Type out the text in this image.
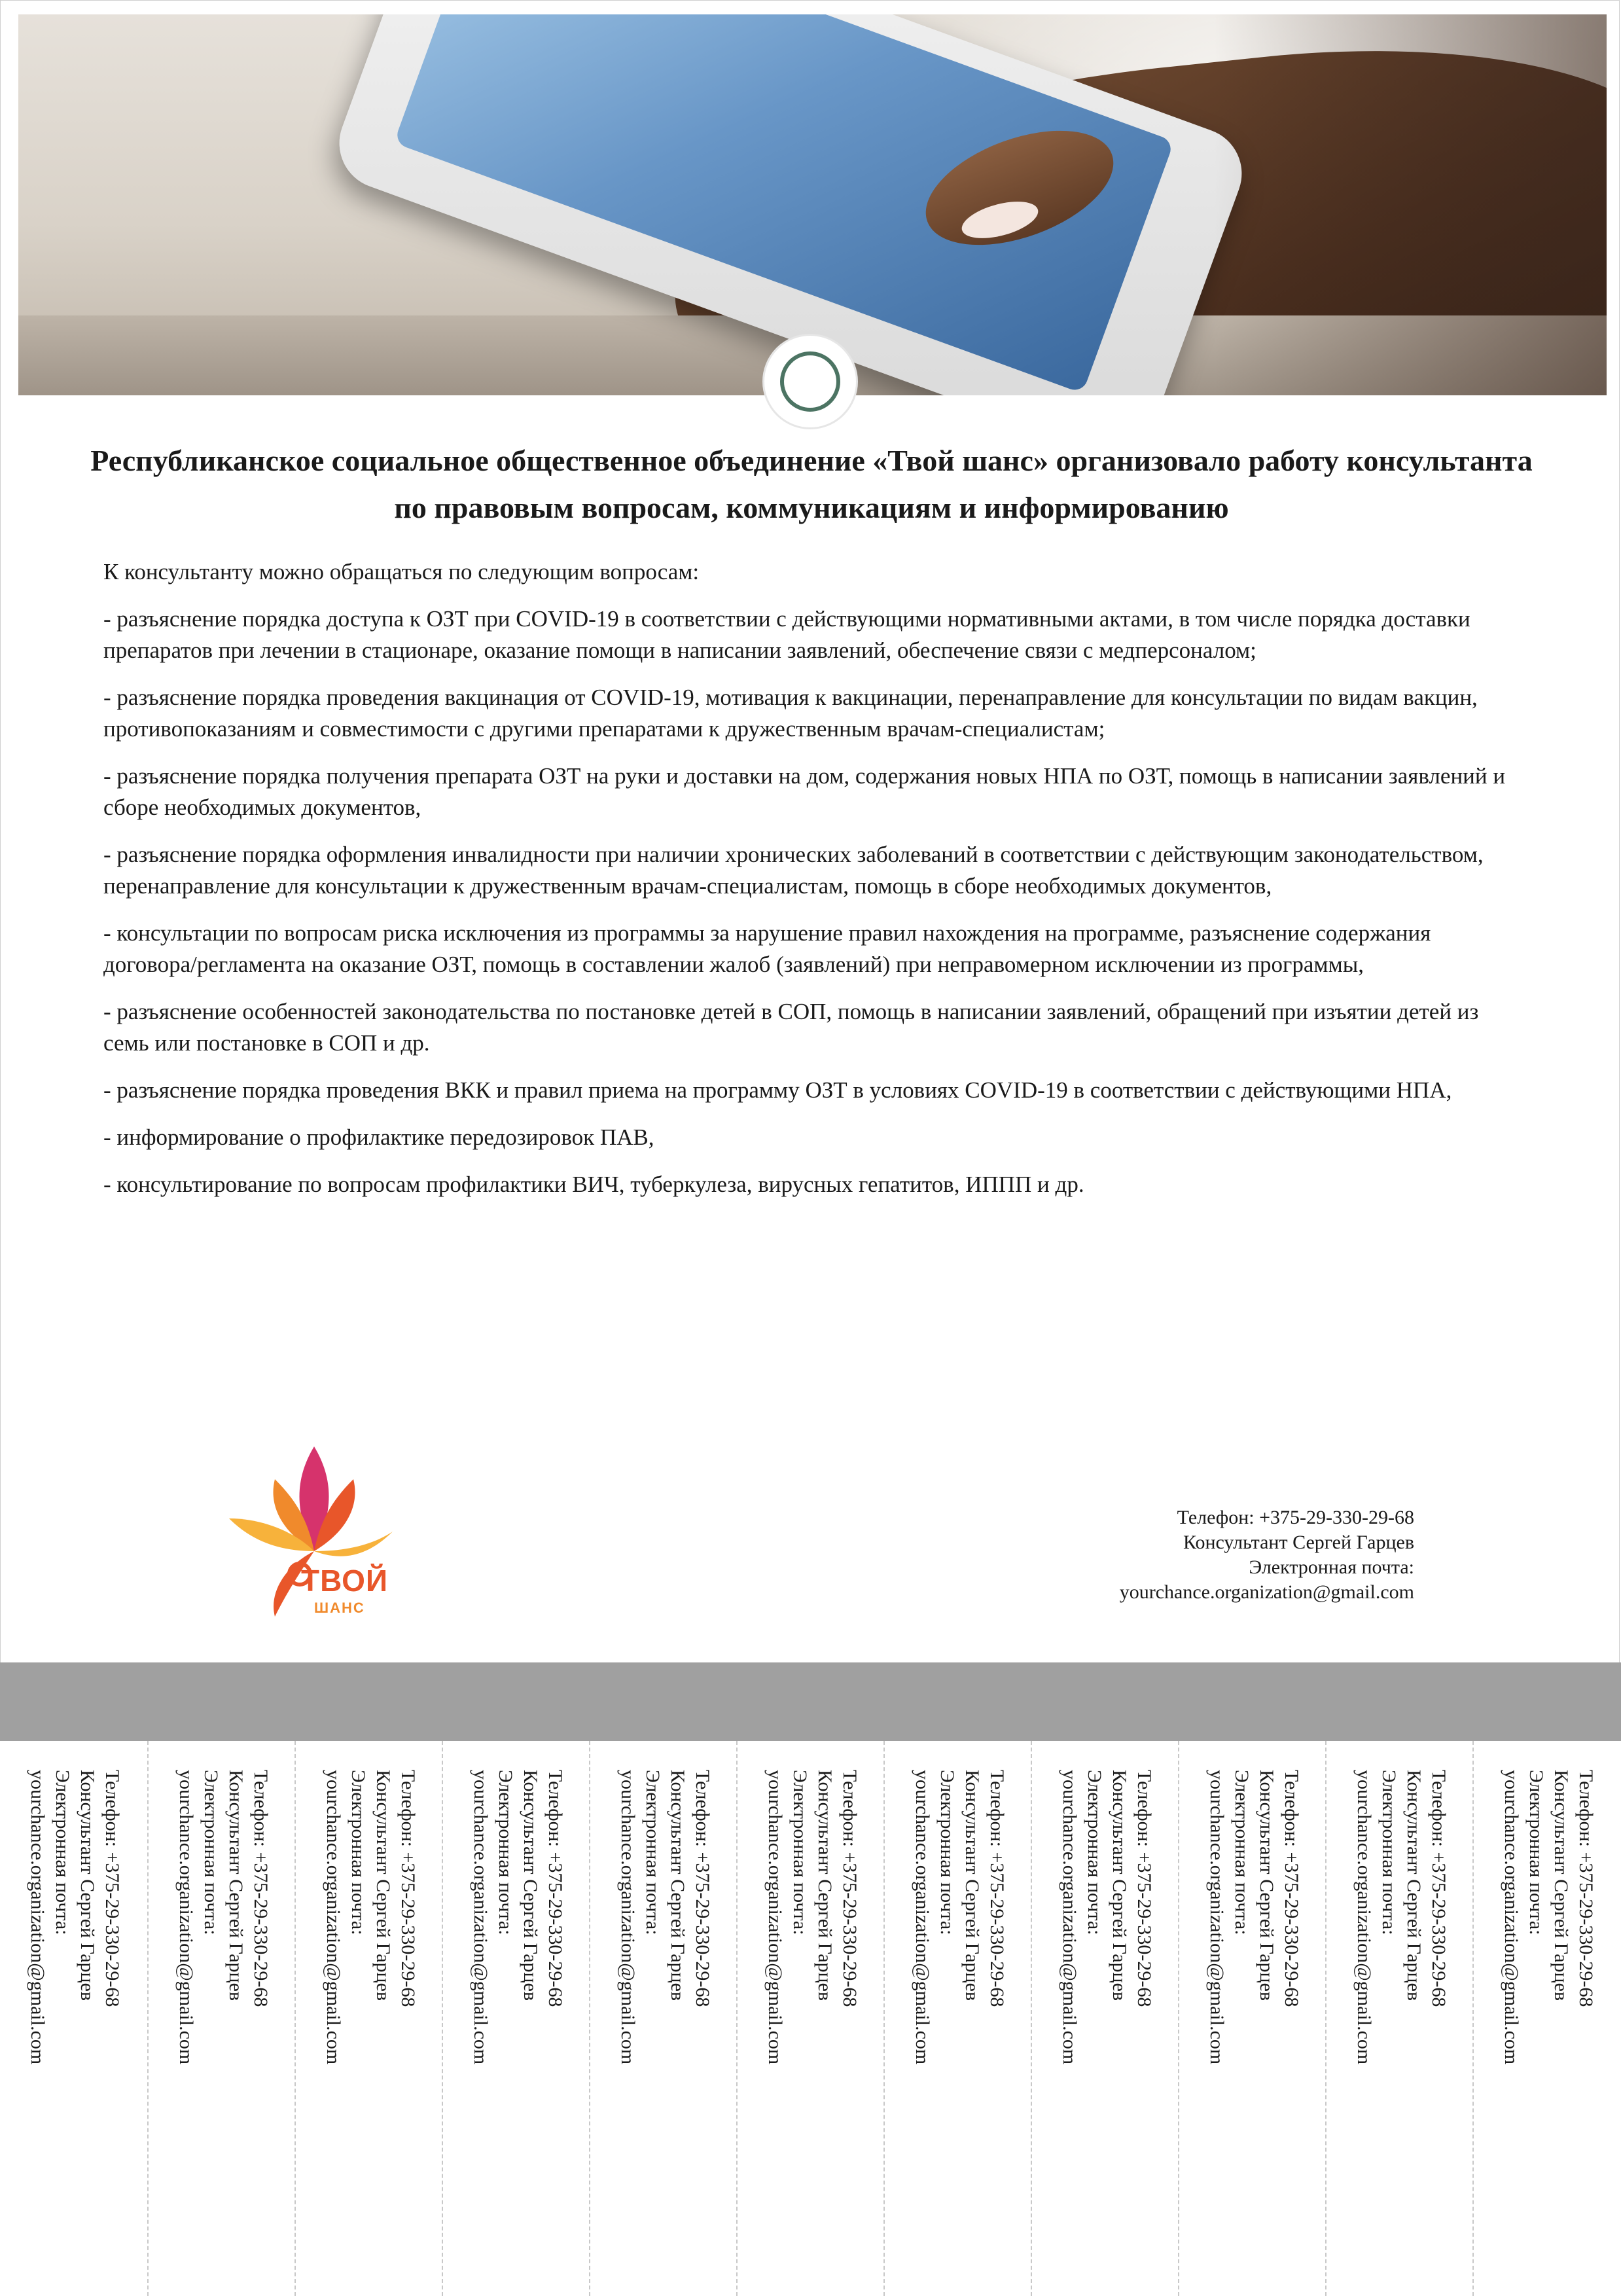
Республиканское социальное общественное объединение «Твой шанс» организовало работу консультанта по правовым вопросам, коммуникациям и информированию

К консультанту можно обращаться по следующим вопросам:

- разъяснение порядка доступа к ОЗТ при COVID-19 в соответствии с действующими нормативными актами, в том числе порядка доставки препаратов при лечении в стационаре, оказание помощи в написании заявлений, обеспечение связи с медперсоналом;
- разъяснение порядка проведения вакцинация от COVID-19, мотивация к вакцинации, перенаправление для консультации по видам вакцин, противопоказаниям и совместимости с другими препаратами к дружественным врачам-специалистам;
- разъяснение порядка получения препарата ОЗТ на руки и доставки на дом, содержания новых НПА по ОЗТ, помощь в написании заявлений и сборе необходимых документов,
- разъяснение порядка оформления инвалидности при наличии хронических заболеваний в соответствии с действующим законодательством, перенаправление для консультации к дружественным врачам-специалистам, помощь в сборе необходимых документов,
- консультации по вопросам риска исключения из программы за нарушение правил нахождения на программе, разъяснение содержания договора/регламента на оказание ОЗТ, помощь в составлении жалоб (заявлений) при неправомерном исключении из программы,
- разъяснение особенностей законодательства по постановке детей в СОП, помощь в написании заявлений, обращений при изъятии детей из семь или постановке в СОП и др.
- разъяснение порядка проведения ВКК и правил приема на программу ОЗТ в условиях COVID-19 в соответствии с действующими НПА,
- информирование о профилактике передозировок ПАВ,
- консультирование по вопросам профилактики ВИЧ, туберкулеза, вирусных гепатитов, ИППП и др.
ТВОЙ
ШАНС
Телефон: +375-29-330-29-68
Консультант Сергей Гарцев
Электронная почта:
yourchance.organization@gmail.com
Телефон: +375-29-330-29-68
Консультант Сергей Гарцев
Электронная почта:
yourchance.organization@gmail.com	Телефон: +375-29-330-29-68
Консультант Сергей Гарцев
Электронная почта:
yourchance.organization@gmail.com	Телефон: +375-29-330-29-68
Консультант Сергей Гарцев
Электронная почта:
yourchance.organization@gmail.com	Телефон: +375-29-330-29-68
Консультант Сергей Гарцев
Электронная почта:
yourchance.organization@gmail.com	Телефон: +375-29-330-29-68
Консультант Сергей Гарцев
Электронная почта:
yourchance.organization@gmail.com	Телефон: +375-29-330-29-68
Консультант Сергей Гарцев
Электронная почта:
yourchance.organization@gmail.com	Телефон: +375-29-330-29-68
Консультант Сергей Гарцев
Электронная почта:
yourchance.organization@gmail.com	Телефон: +375-29-330-29-68
Консультант Сергей Гарцев
Электронная почта:
yourchance.organization@gmail.com	Телефон: +375-29-330-29-68
Консультант Сергей Гарцев
Электронная почта:
yourchance.organization@gmail.com	Телефон: +375-29-330-29-68
Консультант Сергей Гарцев
Электронная почта:
yourchance.organization@gmail.com	Телефон: +375-29-330-29-68
Консультант Сергей Гарцев
Электронная почта:
yourchance.organization@gmail.com
